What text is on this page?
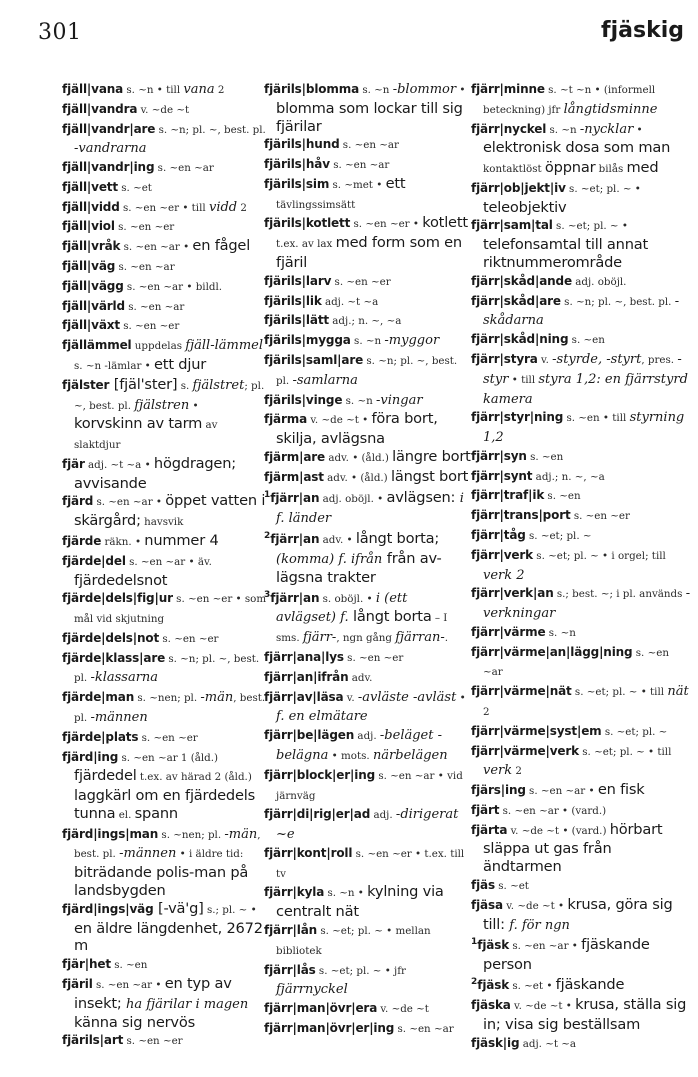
301	fjäskig

fjäll|vana s. ~n • till vana 2

fjäll|vandra v. ~de ~t

fjäll|vandr|are s. ~n; pl. ~, best. pl. -vandrarna

fjäll|vandr|ing s. ~en ~ar

fjäll|vett s. ~et

fjäll|vidd s. ~en ~er • till vidd 2

fjäll|viol s. ~en ~er

fjäll|vråk s. ~en ~ar • en fågel

fjäll|väg s. ~en ~ar

fjäll|vägg s. ~en ~ar • bildl.

fjäll|värld s. ~en ~ar

fjäll|växt s. ~en ~er

fjällämmel uppdelas fjäll-lämmel s. ~n -lämlar • ett djur

fjälster [fjäl'ster] s. fjälstret; pl. ~, best. pl. fjälstren • korvskinn av tarm av slaktdjur

fjär adj. ~t ~a • högdragen; avvisande

fjärd s. ~en ~ar • öppet vatten i skärgård; havsvik

fjärde räkn. • nummer 4

fjärde|del s. ~en ~ar • äv. fjärdedelsnot

fjärde|dels|fig|ur s. ~en ~er • som mål vid skjutning

fjärde|dels|not s. ~en ~er

fjärde|klass|are s. ~n; pl. ~, best. pl. -klassarna

fjärde|man s. ~nen; pl. -män, best. pl. -männen

fjärde|plats s. ~en ~er

fjärd|ing s. ~en ~ar 1 (åld.) fjärdedel t.ex. av härad 2 (åld.) laggkärl om en fjärdedels tunna el. spann

fjärd|ings|man s. ~nen; pl. -män, best. pl. -männen • i äldre tid: biträdande polis-man på landsbygden

fjärd|ings|väg [-vä'g] s.; pl. ~ • en äldre längdenhet, 2672 m

fjär|het s. ~en

fjäril s. ~en ~ar • en typ av insekt; ha fjärilar i magen känna sig nervös

fjärils|art s. ~en ~er

fjärils|blomma s. ~n -blommor • blomma som lockar till sig fjärilar

fjärils|hund s. ~en ~ar

fjärils|håv s. ~en ~ar

fjärils|sim s. ~met • ett tävlingssimsätt

fjärils|kotlett s. ~en ~er • kotlett t.ex. av lax med form som en fjäril

fjärils|larv s. ~en ~er

fjärils|lik adj. ~t ~a

fjärils|lätt adj.; n. ~, ~a

fjärils|mygga s. ~n -myggor

fjärils|saml|are s. ~n; pl. ~, best. pl. -samlarna

fjärils|vinge s. ~n -vingar

fjärma v. ~de ~t • föra bort, skilja, avlägsna

fjärm|are adv. • (åld.) längre bort

fjärm|ast adv. • (åld.) längst bort

$^1$fjärr|an adj. oböjl. • avlägsen: i f. länder

$^2$fjärr|an adv. • långt borta; (komma) f. ifrån från av-lägsna trakter

$^3$fjärr|an s. oböjl. • i (ett avlägset) f. långt borta – I sms. fjärr-, ngn gång fjärran-.

fjärr|ana|lys s. ~en ~er

fjärr|an|ifrån adv.

fjärr|av|läsa v. -avläste -avläst • f. en elmätare

fjärr|be|lägen adj. -beläget -belägna • mots. närbelägen

fjärr|block|er|ing s. ~en ~ar • vid järnväg

fjärr|di|rig|er|ad adj. -dirigerat ~e

fjärr|kont|roll s. ~en ~er • t.ex. till tv

fjärr|kyla s. ~n • kylning via centralt nät

fjärr|lån s. ~et; pl. ~ • mellan bibliotek

fjärr|lås s. ~et; pl. ~ • jfr fjärrnyckel

fjärr|man|övr|era v. ~de ~t

fjärr|man|övr|er|ing s. ~en ~ar

fjärr|minne s. ~t ~n • (informell beteckning) jfr långtidsminne

fjärr|nyckel s. ~n -nycklar • elektronisk dosa som man kontaktlöst öppnar bilås med

fjärr|ob|jekt|iv s. ~et; pl. ~ • teleobjektiv

fjärr|sam|tal s. ~et; pl. ~ • telefonsamtal till annat riktnummerområde

fjärr|skåd|ande adj. oböjl.

fjärr|skåd|are s. ~n; pl. ~, best. pl. -skådarna

fjärr|skåd|ning s. ~en

fjärr|styra v. -styrde, -styrt, pres. -styr • till styra 1,2: en fjärrstyrd kamera

fjärr|styr|ning s. ~en • till styrning 1,2

fjärr|syn s. ~en

fjärr|synt adj.; n. ~, ~a

fjärr|traf|ik s. ~en

fjärr|trans|port s. ~en ~er

fjärr|tåg s. ~et; pl. ~

fjärr|verk s. ~et; pl. ~ • i orgel; till verk 2

fjärr|verk|an s.; best. ~; i pl. används -verkningar

fjärr|värme s. ~n

fjärr|värme|an|lägg|ning s. ~en ~ar

fjärr|värme|nät s. ~et; pl. ~ • till nät 2

fjärr|värme|syst|em s. ~et; pl. ~

fjärr|värme|verk s. ~et; pl. ~ • till verk 2

fjärs|ing s. ~en ~ar • en fisk

fjärt s. ~en ~ar • (vard.)

fjärta v. ~de ~t • (vard.) hörbart släppa ut gas från ändtarmen

fjäs s. ~et

fjäsa v. ~de ~t • krusa, göra sig till: f. för ngn

$^1$fjäsk s. ~en ~ar • fjäskande person

$^2$fjäsk s. ~et • fjäskande

fjäska v. ~de ~t • krusa, ställa sig in; visa sig beställsam

fjäsk|ig adj. ~t ~a
